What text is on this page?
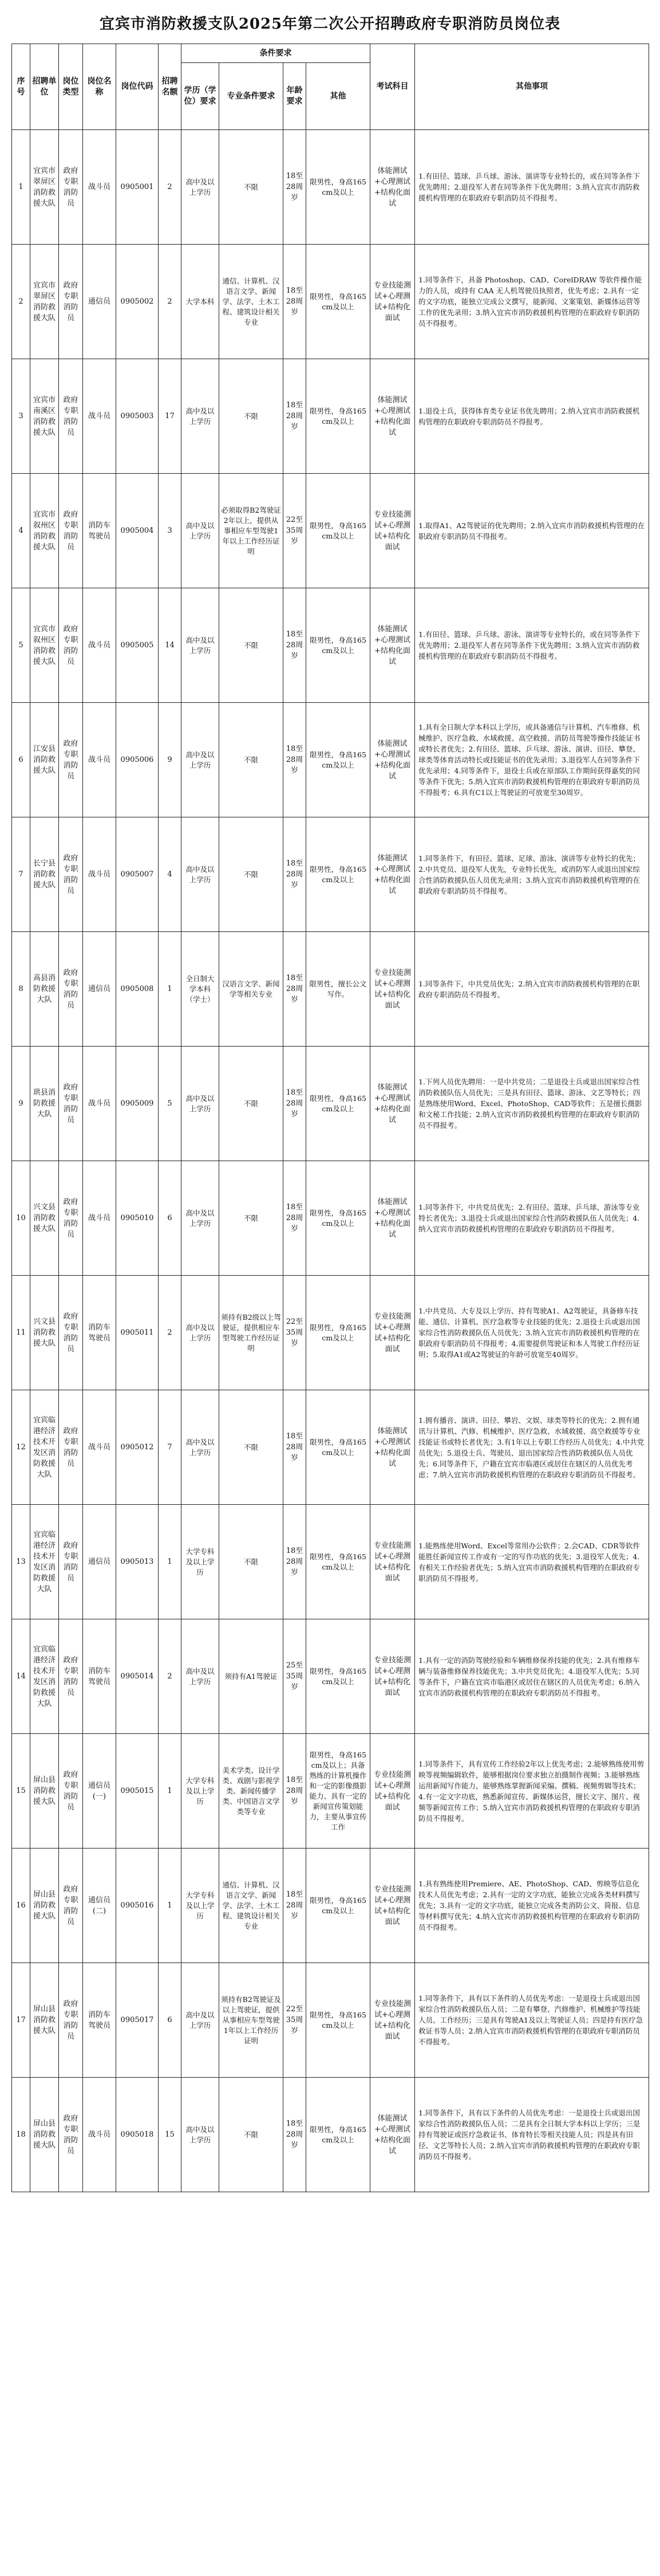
宜宾市消防救援支队2025年第二次公开招聘政府专职消防员岗位表
序号	招聘单位	岗位类型	岗位名称	岗位代码	招聘名额	条件要求				考试科目	其他事项
						学历（学位）要求	专业条件要求	年龄要求	其他		
1	宜宾市翠屏区消防救援大队	政府专职消防员	战斗员	0905001	2	高中及以上学历	不限	18至28周岁	限男性，身高165cm及以上	体能测试+心理测试+结构化面试	1.有田径、篮球、乒乓球、游泳、演讲等专业特长的，或在同等条件下优先聘用；2.退役军人者在同等条件下优先聘用；3.纳入宜宾市消防救援机构管理的在职政府专职消防员不得报考。
2	宜宾市翠屏区消防救援大队	政府专职消防员	通信员	0905002	2	大学本科	通信、计算机、汉语言文学、新闻学、法学、土木工程、建筑设计相关专业	18至28周岁	限男性，身高165cm及以上	专业技能测试+心理测试+结构化面试	1.同等条件下，具备 Photoshop、CAD、CorelDRAW 等软件操作能力的人员，或持有 CAA 无人机驾驶员执照者，优先考虑；2.具有一定的文字功底，能独立完成公文撰写，能新闻、文案策划、新媒体运营等工作的优先录用；3.纳入宜宾市消防救援机构管理的在职政府专职消防员不得报考。
3	宜宾市南溪区消防救援大队	政府专职消防员	战斗员	0905003	17	高中及以上学历	不限	18至28周岁	限男性，身高165cm及以上	体能测试+心理测试+结构化面试	1.退役士兵，获得体育类专业证书优先聘用；2.纳入宜宾市消防救援机构管理的在职政府专职消防员不得报考。
4	宜宾市叙州区消防救援大队	政府专职消防员	消防车驾驶员	0905004	3	高中及以上学历	必须取得B2驾驶证2年以上，提供从事相应车型驾驶1年以上工作经历证明	22至35周岁	限男性，身高165cm及以上	专业技能测试+心理测试+结构化面试	1.取得A1、A2驾驶证的优先聘用；2.纳入宜宾市消防救援机构管理的在职政府专职消防员不得报考。
5	宜宾市叙州区消防救援大队	政府专职消防员	战斗员	0905005	14	高中及以上学历	不限	18至28周岁	限男性，身高165cm及以上	体能测试+心理测试+结构化面试	1.有田径、篮球、乒乓球、游泳、演讲等专业特长的，或在同等条件下优先聘用；2.退役军人者在同等条件下优先聘用；3.纳入宜宾市消防救援机构管理的在职政府专职消防员不得报考。
6	江安县消防救援大队	政府专职消防员	战斗员	0905006	9	高中及以上学历	不限	18至28周岁	限男性，身高165cm及以上	体能测试+心理测试+结构化面试	1.具有全日制大学本科以上学历，或具备通信与计算机、汽车维修、机械维护、医疗急救、水域救援、高空救援、消防员驾驶等操作技能证书或特长者优先；2.有田径、篮球、乒乓球、游泳、演讲、田径、攀登、球类等体育活动特长或技能证书的优先录用；3.退役军人在同等条件下优先录用；4.同等条件下，退役士兵或在原部队工作期间获得嘉奖的同等条件下优先；5.纳入宜宾市消防救援机构管理的在职政府专职消防员不得报考；6.具有C1以上驾驶证的可放宽至30周岁。
7	长宁县消防救援大队	政府专职消防员	战斗员	0905007	4	高中及以上学历	不限	18至28周岁	限男性，身高165cm及以上	体能测试+心理测试+结构化面试	1.同等条件下，有田径、篮球、足球、游泳、演讲等专业特长的优先；2.中共党员、退役军人优先，专业特长优先，或消防军人或退出国家综合性消防救援队伍人员优先录用；3.纳入宜宾市消防救援机构管理的在职政府专职消防员不得报考。
8	高县消防救援大队	政府专职消防员	通信员	0905008	1	全日制大学本科（学士）	汉语言文学、新闻学等相关专业	18至28周岁	限男性，擅长公文写作。	专业技能测试+心理测试+结构化面试	1.同等条件下，中共党员优先；2.纳入宜宾市消防救援机构管理的在职政府专职消防员不得报考。
9	珙县消防救援大队	政府专职消防员	战斗员	0905009	5	高中及以上学历	不限	18至28周岁	限男性，身高165cm及以上	体能测试+心理测试+结构化面试	1.下列人员优先聘用：一是中共党员；二是退役士兵或退出国家综合性消防救援队伍人员优先；三是具有田径、篮球、游泳、文艺等特长；四是熟练使用Word、Excel、PhotoShop、CAD等软件；五是擅长摄影和文秘工作技能；2.纳入宜宾市消防救援机构管理的在职政府专职消防员不得报考。
10	兴文县消防救援大队	政府专职消防员	战斗员	0905010	6	高中及以上学历	不限	18至28周岁	限男性，身高165cm及以上	体能测试+心理测试+结构化面试	1.同等条件下，中共党员优先；2.有田径、篮球、乒乓球、游泳等专业特长者优先；3.退役士兵或退出国家综合性消防救援队伍人员优先；4.纳入宜宾市消防救援机构管理的在职政府专职消防员不得报考。
11	兴文县消防救援大队	政府专职消防员	消防车驾驶员	0905011	2	高中及以上学历	须持有B2级以上驾驶证，提供相应车型驾驶工作经历证明	22至35周岁	限男性，身高165cm及以上	专业技能测试+心理测试+结构化面试	1.中共党员、大专及以上学历、持有驾驶A1、A2驾驶证，具备修车技能、通信、计算机、医疗急救等专业技能的优先；2.退役士兵或退出国家综合性消防救援队伍人员优先；3.纳入宜宾市消防救援机构管理的在职政府专职消防员不得报考；4.需要提供驾驶证和本人驾驶工作经历证明；5.取得A1或A2驾驶证的年龄可放宽至40周岁。
12	宜宾临港经济技术开发区消防救援大队	政府专职消防员	战斗员	0905012	7	高中及以上学历	不限	18至28周岁	限男性，身高165cm及以上	体能测试+心理测试+结构化面试	1.拥有播音、演讲、田径、攀岩、文娱、球类等特长的优先；2.拥有通讯与计算机、汽修、机械维护、医疗急救、水域救援、高空救援等专业技能证书或特长者优先；3.有1年以上专职工作经历人员优先；4.中共党员优先；5.退役士兵、驾驶员、退出国家综合性消防救援队伍人员优先；6.同等条件下，户籍在宜宾市临港区或居住在辖区的人员优先考虑；7.纳入宜宾市消防救援机构管理的在职政府专职消防员不得报考。
13	宜宾临港经济技术开发区消防救援大队	政府专职消防员	通信员	0905013	1	大学专科及以上学历	不限	18至28周岁	限男性，身高165cm及以上	专业技能测试+心理测试+结构化面试	1.能熟练使用Word、Excel等常用办公软件；2.会CAD、CDR等软件能胜任新闻宣传工作或有一定的写作功底的优先；3.退役军人优先；4.有相关工作经验者优先；5.纳入宜宾市消防救援机构管理的在职政府专职消防员不得报考。
14	宜宾临港经济技术开发区消防救援大队	政府专职消防员	消防车驾驶员	0905014	2	高中及以上学历	须持有A1驾驶证	25至35周岁	限男性，身高165cm及以上	专业技能测试+心理测试+结构化面试	1.具有一定的消防驾驶经验和车辆维修保养技能的优先；2.具有维修车辆与装备维修保养技能优先；3.中共党员优先；4.退役军人优先；5.同等条件下，户籍在宜宾市临港区或居住在辖区的人员优先考虑；6.纳入宜宾市消防救援机构管理的在职政府专职消防员不得报考。
15	屏山县消防救援大队	政府专职消防员	通信员(一)	0905015	1	大学专科及以上学历	美术学类、设计学类、戏剧与影视学类、新闻传播学类、中国语言文学类等专业	18至28周岁	限男性，身高165cm及以上；具备熟练的计算机操作和一定的影像摄影能力、具有一定的新闻宣传策划能力，主要从事宣传工作	专业技能测试+心理测试+结构化面试	1.同等条件下，具有宣传工作经验2年以上优先考虑；2.能够熟练使用剪映等视频编辑软件，能够根据岗位要求独立拍摄制作视频；3.能够熟练运用新闻写作能力，能够熟练掌握新闻采编、撰稿、视频剪辑等技术；4.有一定文字功底，熟悉新闻宣传、新媒体运营，擅长文字、图片、视频等新闻宣传工作；5.纳入宜宾市消防救援机构管理的在职政府专职消防员不得报考。
16	屏山县消防救援大队	政府专职消防员	通信员(二)	0905016	1	大学专科及以上学历	通信、计算机、汉语言文学、新闻学、法学、土木工程、建筑设计相关专业	18至28周岁	限男性，身高165cm及以上	专业技能测试+心理测试+结构化面试	1.具有熟练使用Premiere、AE、PhotoShop、CAD、剪映等信息化技术人员优先考虑；2.具有一定的文字功底，能独立完成各类材料撰写优先；3.具有一定的文字功底，能独立完成各类消防公文、简报、信息等材料撰写优先；4.纳入宜宾市消防救援机构管理的在职政府专职消防员不得报考。
17	屏山县消防救援大队	政府专职消防员	消防车驾驶员	0905017	6	高中及以上学历	须持有B2驾驶证及以上驾驶证，提供从事相应车型驾驶1年以上工作经历证明	22至35周岁	限男性，身高165cm及以上	专业技能测试+心理测试+结构化面试	1.同等条件下，具有以下条件的人员优先考虑：一是退役士兵或退出国家综合性消防救援队伍人员；二是有攀登、汽修维护、机械维护等技能人员、工作经历；三是具有驾驶A1及以上驾驶证人员；四是持有医疗急救证书等人员；2.纳入宜宾市消防救援机构管理的在职政府专职消防员不得报考。
18	屏山县消防救援大队	政府专职消防员	战斗员	0905018	15	高中及以上学历	不限	18至28周岁	限男性，身高165cm及以上	体能测试+心理测试+结构化面试	1.同等条件下，具有以下条件的人员优先考虑：一是退役士兵或退出国家综合性消防救援队伍人员；二是具有全日制大学本科以上学历；三是持有驾驶证或医疗急救证书、体育特长等相关技能人员；四是具有田径、文艺等特长人员；2.纳入宜宾市消防救援机构管理的在职政府专职消防员不得报考。
